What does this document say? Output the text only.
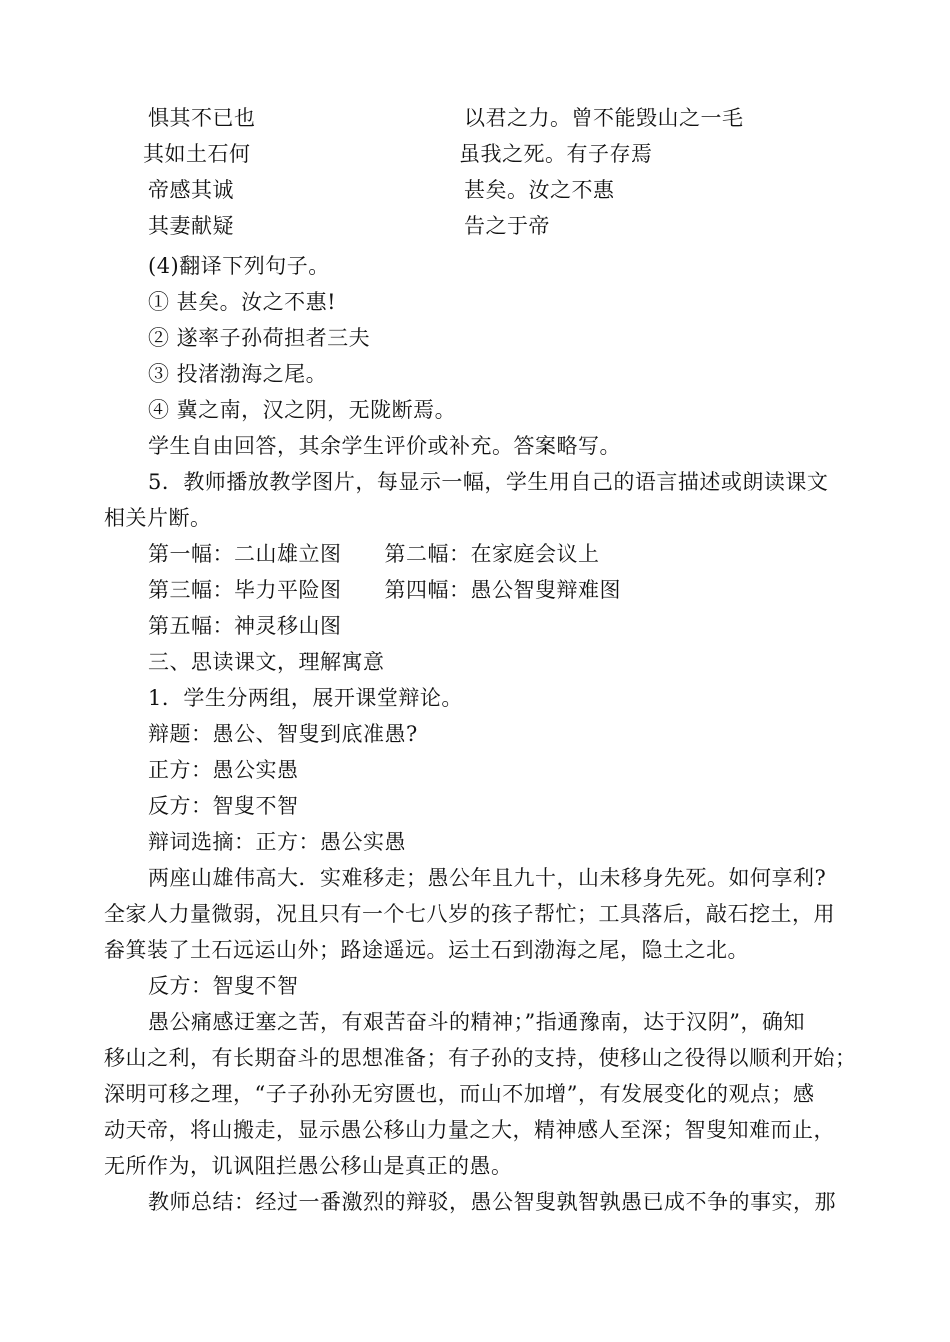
惧其不已也	以君之力。曾不能毁山之一毛
其如土石何	虽我之死。有子存焉
帝感其诚	甚矣。汝之不惠
其妻献疑	告之于帝
(4)翻译下列句子。
① 甚矣。汝之不惠!
② 遂率子孙荷担者三夫
③ 投渚渤海之尾。
④ 冀之南，汉之阴，无陇断焉。
学生自由回答，其余学生评价或补充。答案略写。
5．教师播放教学图片，每显示一幅，学生用自己的语言描述或朗读课文
相关片断。
第一幅：二山雄立图　　第二幅：在家庭会议上
第三幅：毕力平险图　　第四幅：愚公智叟辩难图
第五幅：神灵移山图
三、思读课文，理解寓意
1．学生分两组，展开课堂辩论。
辩题：愚公、智叟到底准愚?
正方：愚公实愚
反方：智叟不智
辩词选摘：正方：愚公实愚
两座山雄伟高大．实难移走；愚公年且九十，山未移身先死。如何享利?
全家人力量微弱，况且只有一个七八岁的孩子帮忙；工具落后，敲石挖土，用
畚箕装了土石远运山外；路途遥远。运土石到渤海之尾，隐土之北。
反方：智叟不智
愚公痛感迂塞之苦，有艰苦奋斗的精神；”指通豫南，达于汉阴”，确知
移山之利，有长期奋斗的思想准备；有子孙的支持，使移山之役得以顺利开始；
深明可移之理，“子子孙孙无穷匮也，而山不加增”，有发展变化的观点；感
动天帝，将山搬走，显示愚公移山力量之大，精神感人至深；智叟知难而止，
无所作为，讥讽阻拦愚公移山是真正的愚。
教师总结：经过一番激烈的辩驳，愚公智叟孰智孰愚已成不争的事实，那
